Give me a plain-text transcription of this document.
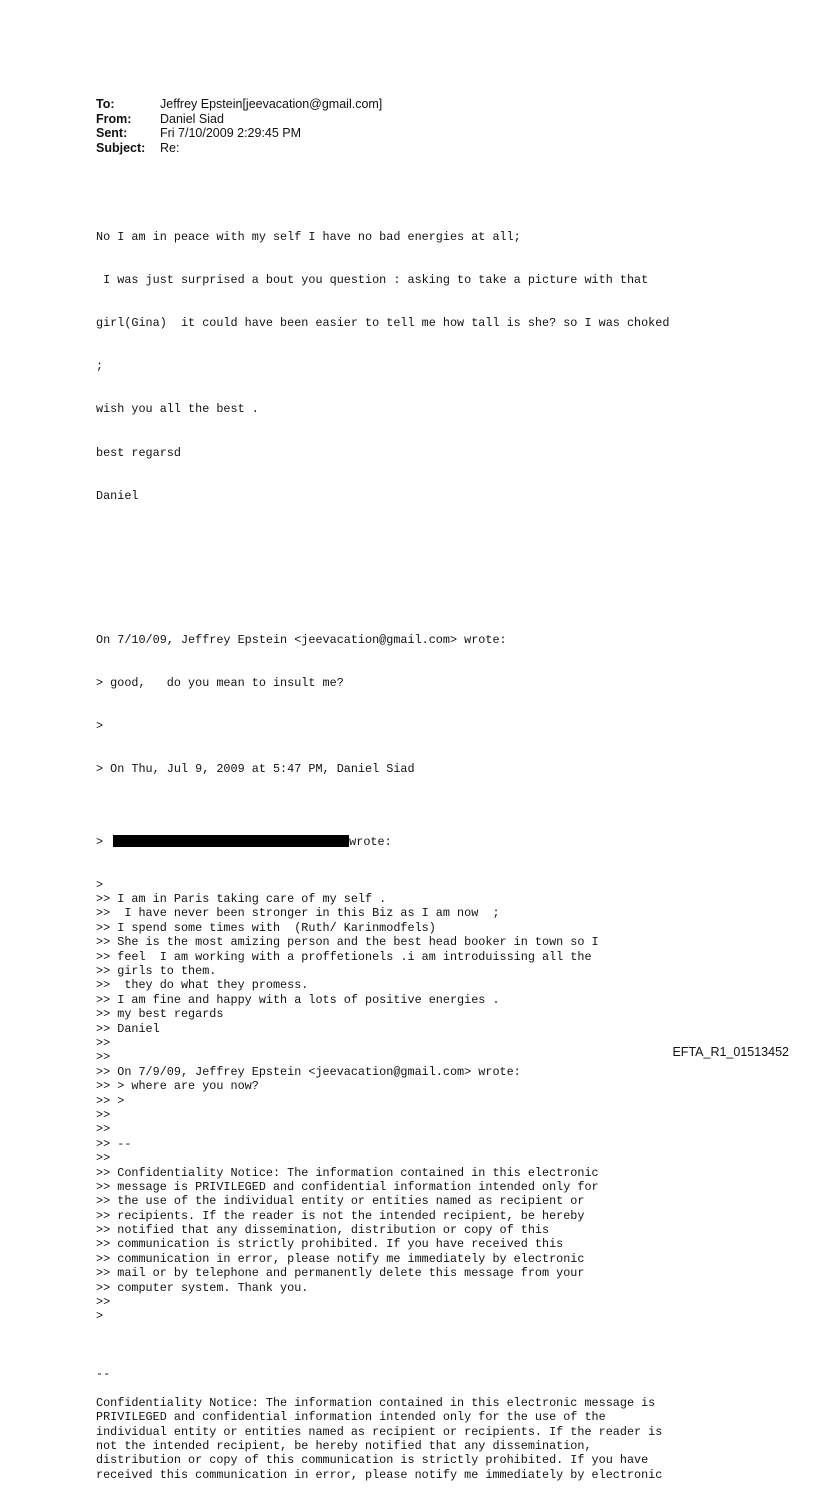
To:	Jeffrey Epstein[jeevacation@gmail.com]
From:	Daniel Siad
Sent:	Fri 7/10/2009 2:29:45 PM
Subject:	Re:

No I am in peace with my self I have no bad energies at all;

I was just surprised a bout you question : asking to take a picture with that

girl(Gina)  it could have been easier to tell me how tall is she? so I was choked

;

wish you all the best .

best regarsd

Daniel

On 7/10/09, Jeffrey Epstein <jeevacation@gmail.com> wrote:

> good,   do you mean to insult me?

>

> On Thu, Jul 9, 2009 at 5:47 PM, Daniel Siad

>	wrote:

>
>> I am in Paris taking care of my self .
>>  I have never been stronger in this Biz as I am now  ;
>> I spend some times with  (Ruth/ Karinmodfels)
>> She is the most amizing person and the best head booker in town so I
>> feel  I am working with a proffetionels .i am introduissing all the
>> girls to them.
>>  they do what they promess.
>> I am fine and happy with a lots of positive energies .
>> my best regards
>> Daniel
>>
>>
>> On 7/9/09, Jeffrey Epstein <jeevacation@gmail.com> wrote:
>> > where are you now?
>> >
>>
>>
>> --
>>
>> Confidentiality Notice: The information contained in this electronic
>> message is PRIVILEGED and confidential information intended only for
>> the use of the individual entity or entities named as recipient or
>> recipients. If the reader is not the intended recipient, be hereby
>> notified that any dissemination, distribution or copy of this
>> communication is strictly prohibited. If you have received this
>> communication in error, please notify me immediately by electronic
>> mail or by telephone and permanently delete this message from your
>> computer system. Thank you.
>>
>
--
Confidentiality Notice: The information contained in this electronic message is
PRIVILEGED and confidential information intended only for the use of the
individual entity or entities named as recipient or recipients. If the reader is
not the intended recipient, be hereby notified that any dissemination,
distribution or copy of this communication is strictly prohibited. If you have
received this communication in error, please notify me immediately by electronic

EFTA_R1_01513452
